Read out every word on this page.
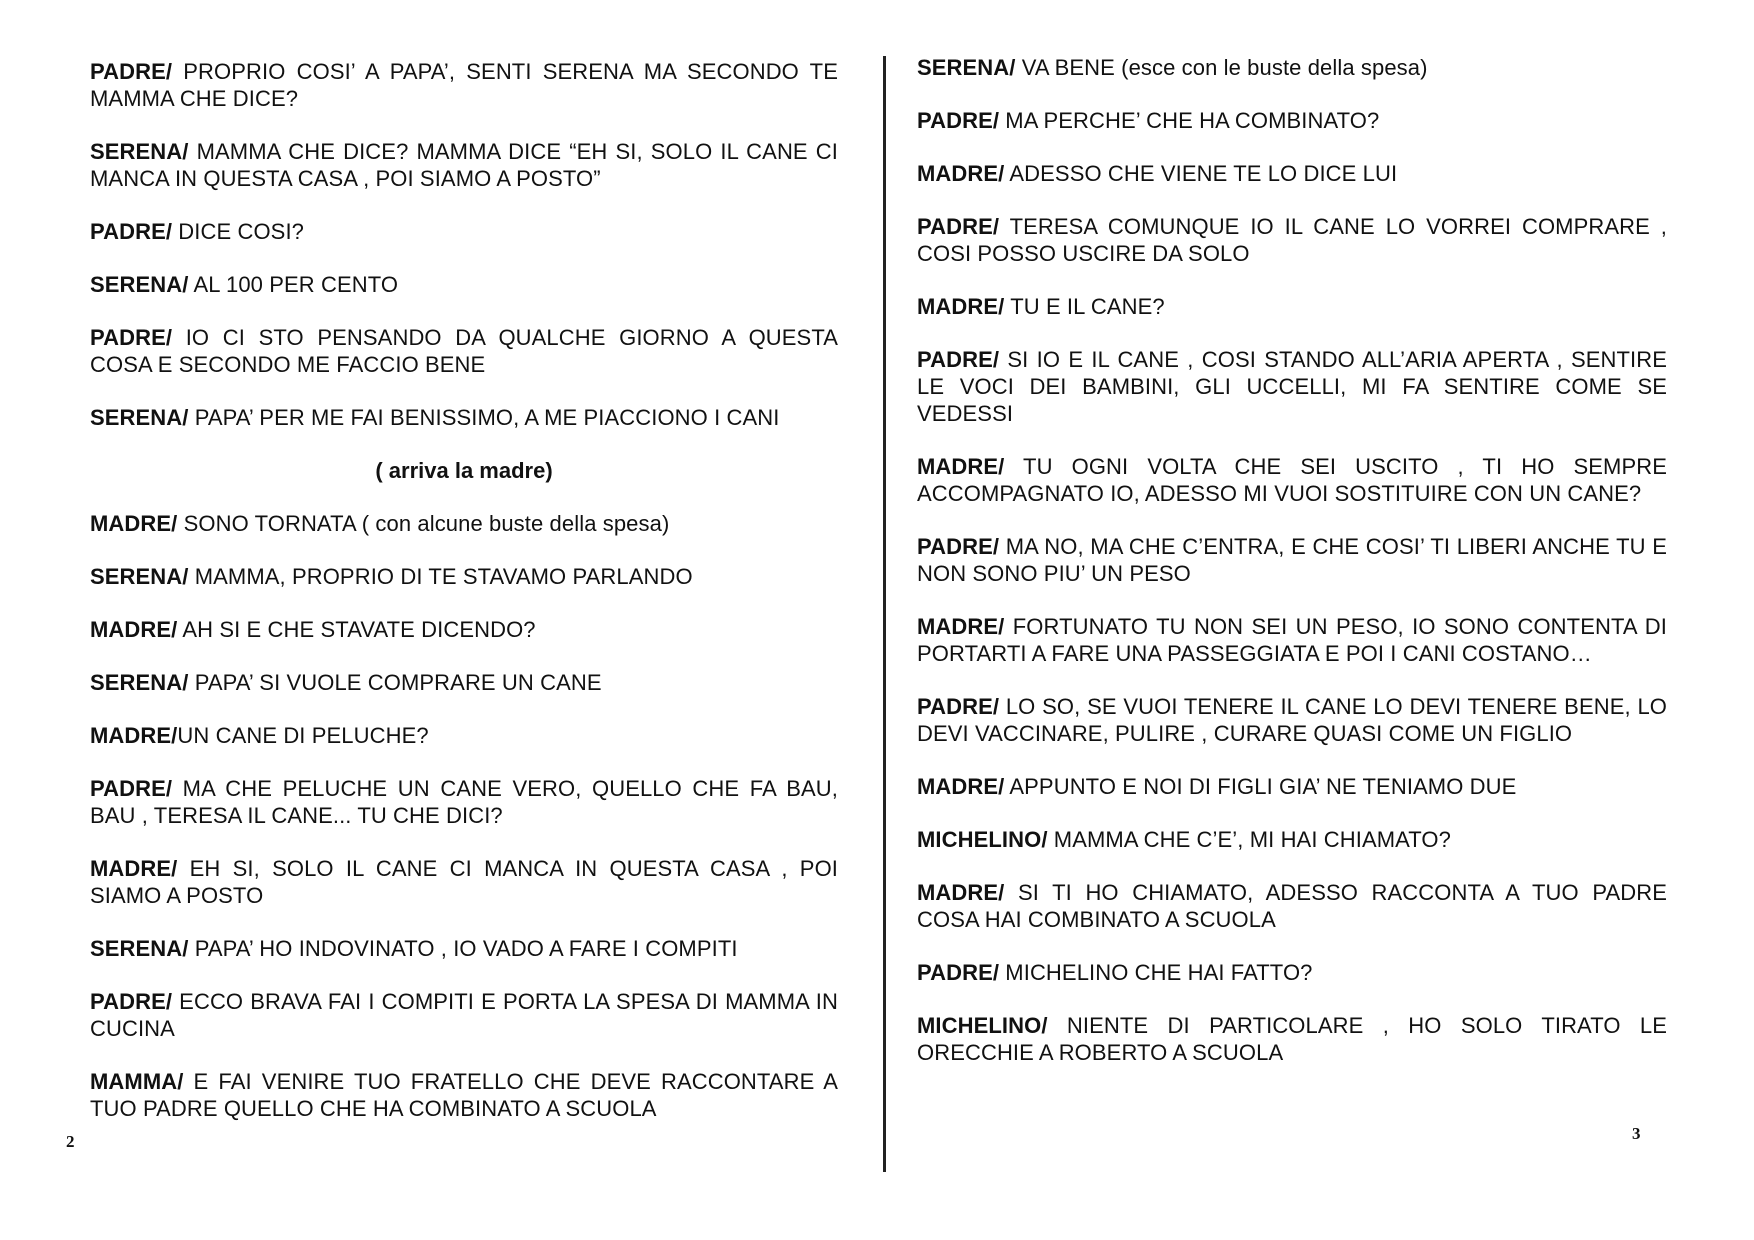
PADRE/ PROPRIO COSI’ A PAPA’, SENTI SERENA MA SECONDO TE MAMMA CHE DICE?

SERENA/ MAMMA CHE DICE? MAMMA DICE “EH SI, SOLO IL CANE CI MANCA IN QUESTA CASA , POI SIAMO A POSTO”

PADRE/ DICE COSI?

SERENA/ AL 100 PER CENTO

PADRE/ IO CI STO PENSANDO DA QUALCHE GIORNO A QUESTA COSA E SECONDO ME FACCIO BENE

SERENA/ PAPA’ PER ME FAI BENISSIMO, A ME PIACCIONO I CANI

( arriva la madre)

MADRE/ SONO TORNATA ( con alcune buste della spesa)

SERENA/ MAMMA, PROPRIO DI TE STAVAMO PARLANDO

MADRE/ AH SI E CHE STAVATE DICENDO?

SERENA/ PAPA’ SI VUOLE COMPRARE UN CANE

MADRE/UN CANE DI PELUCHE?

PADRE/ MA CHE PELUCHE UN CANE VERO, QUELLO CHE FA BAU, BAU , TERESA IL CANE... TU CHE DICI?

MADRE/ EH SI, SOLO IL CANE CI MANCA IN QUESTA CASA , POI SIAMO A POSTO

SERENA/ PAPA’ HO INDOVINATO , IO VADO A FARE I COMPITI

PADRE/ ECCO BRAVA FAI I COMPITI E PORTA LA SPESA DI MAMMA IN CUCINA

MAMMA/ E FAI VENIRE TUO FRATELLO CHE DEVE RACCONTARE A TUO PADRE QUELLO CHE HA COMBINATO A SCUOLA

SERENA/ VA BENE (esce con le buste della spesa)

PADRE/ MA PERCHE’ CHE HA COMBINATO?

MADRE/ ADESSO CHE VIENE TE LO DICE LUI

PADRE/ TERESA COMUNQUE IO IL CANE LO VORREI COMPRARE , COSI POSSO USCIRE DA SOLO

MADRE/ TU E IL CANE?

PADRE/ SI IO E IL CANE , COSI STANDO ALL’ARIA APERTA , SENTIRE LE VOCI DEI BAMBINI, GLI UCCELLI, MI FA SENTIRE COME SE VEDESSI

MADRE/ TU OGNI VOLTA CHE SEI USCITO , TI HO SEMPRE ACCOMPAGNATO IO, ADESSO MI VUOI SOSTITUIRE CON UN CANE?

PADRE/ MA NO, MA CHE C’ENTRA, E CHE COSI’ TI LIBERI ANCHE TU E NON SONO PIU’ UN PESO

MADRE/ FORTUNATO TU NON SEI UN PESO, IO SONO CONTENTA DI PORTARTI A FARE UNA PASSEGGIATA E POI I CANI COSTANO…

PADRE/ LO SO, SE VUOI TENERE IL CANE LO DEVI TENERE BENE, LO DEVI VACCINARE, PULIRE , CURARE QUASI COME UN FIGLIO

MADRE/ APPUNTO E NOI DI FIGLI GIA’ NE TENIAMO DUE

MICHELINO/ MAMMA CHE C’E’, MI HAI CHIAMATO?

MADRE/ SI TI HO CHIAMATO, ADESSO RACCONTA A TUO PADRE COSA HAI COMBINATO A SCUOLA

PADRE/ MICHELINO CHE HAI FATTO?

MICHELINO/ NIENTE DI PARTICOLARE , HO SOLO TIRATO LE ORECCHIE A ROBERTO A SCUOLA

2	3
